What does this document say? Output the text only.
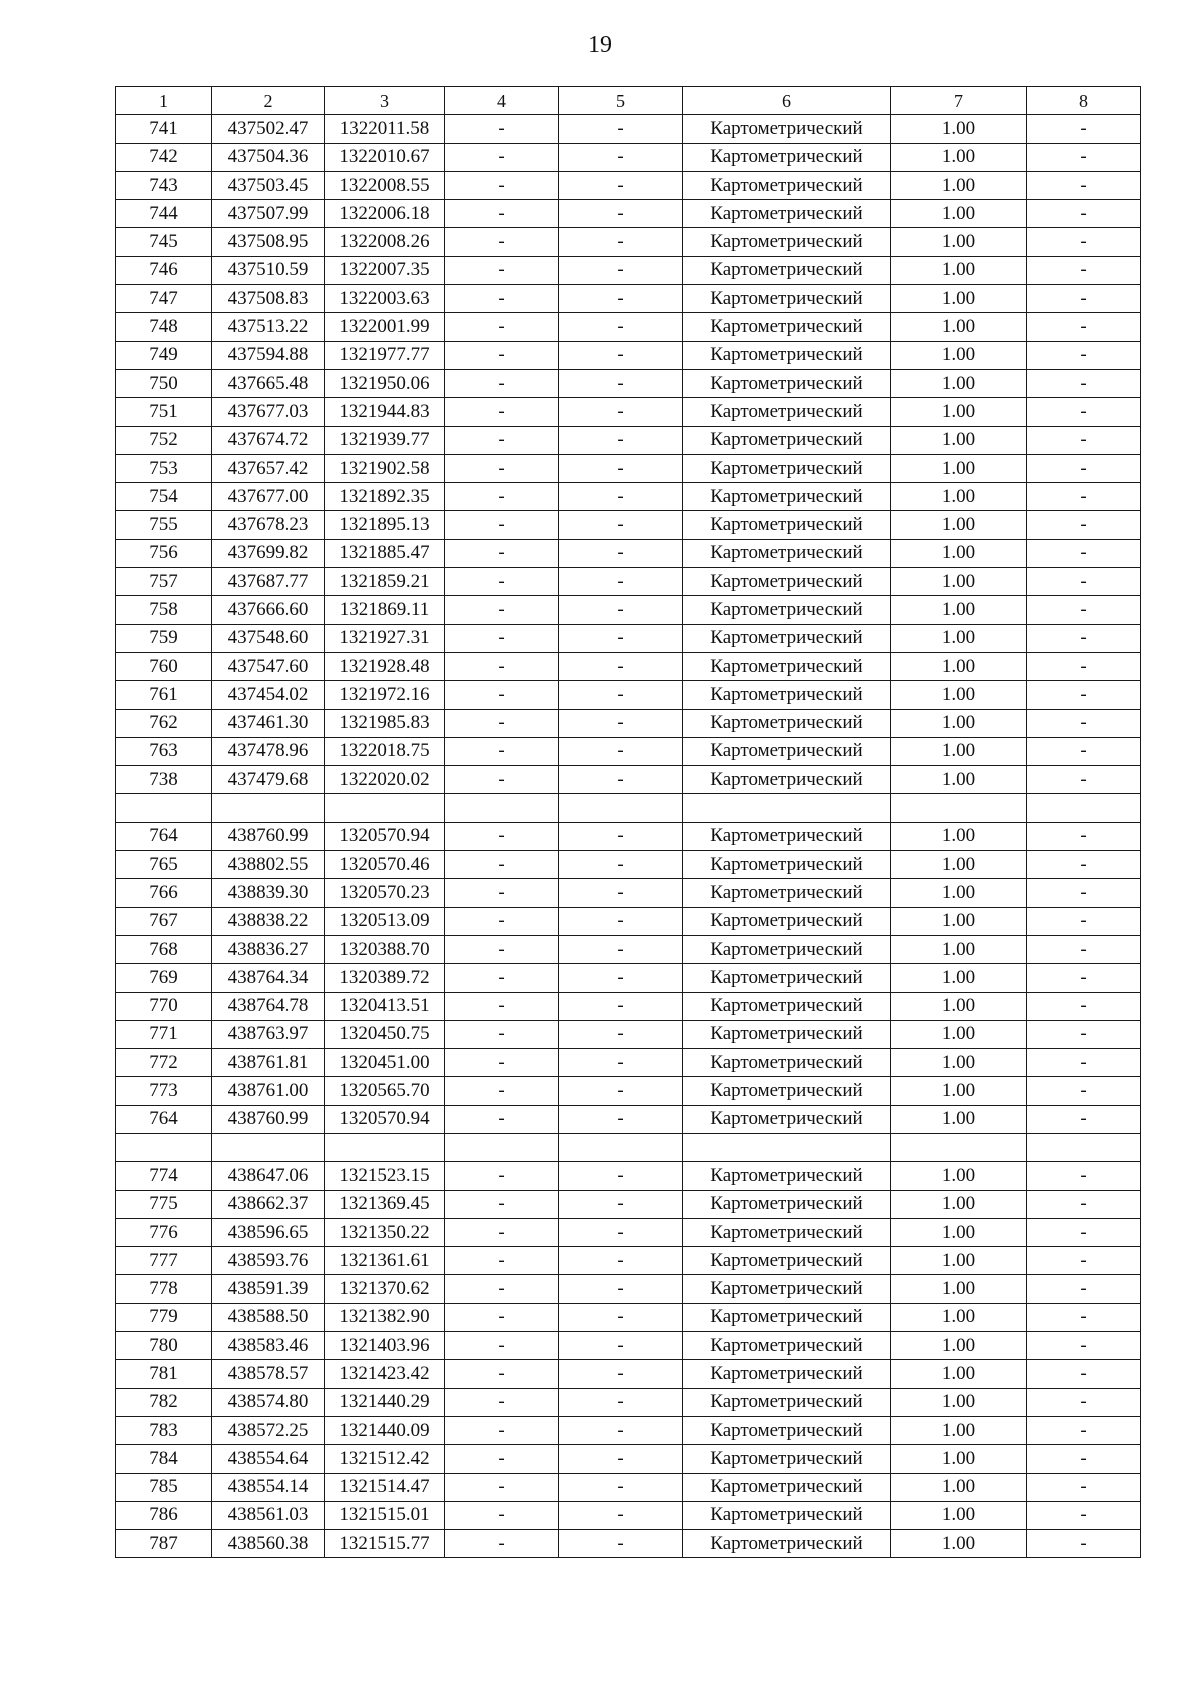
19
1	2	3	4	5	6	7	8
741	437502.47	1322011.58	-	-	Картометрический	1.00	-
742	437504.36	1322010.67	-	-	Картометрический	1.00	-
743	437503.45	1322008.55	-	-	Картометрический	1.00	-
744	437507.99	1322006.18	-	-	Картометрический	1.00	-
745	437508.95	1322008.26	-	-	Картометрический	1.00	-
746	437510.59	1322007.35	-	-	Картометрический	1.00	-
747	437508.83	1322003.63	-	-	Картометрический	1.00	-
748	437513.22	1322001.99	-	-	Картометрический	1.00	-
749	437594.88	1321977.77	-	-	Картометрический	1.00	-
750	437665.48	1321950.06	-	-	Картометрический	1.00	-
751	437677.03	1321944.83	-	-	Картометрический	1.00	-
752	437674.72	1321939.77	-	-	Картометрический	1.00	-
753	437657.42	1321902.58	-	-	Картометрический	1.00	-
754	437677.00	1321892.35	-	-	Картометрический	1.00	-
755	437678.23	1321895.13	-	-	Картометрический	1.00	-
756	437699.82	1321885.47	-	-	Картометрический	1.00	-
757	437687.77	1321859.21	-	-	Картометрический	1.00	-
758	437666.60	1321869.11	-	-	Картометрический	1.00	-
759	437548.60	1321927.31	-	-	Картометрический	1.00	-
760	437547.60	1321928.48	-	-	Картометрический	1.00	-
761	437454.02	1321972.16	-	-	Картометрический	1.00	-
762	437461.30	1321985.83	-	-	Картометрический	1.00	-
763	437478.96	1322018.75	-	-	Картометрический	1.00	-
738	437479.68	1322020.02	-	-	Картометрический	1.00	-

764	438760.99	1320570.94	-	-	Картометрический	1.00	-
765	438802.55	1320570.46	-	-	Картометрический	1.00	-
766	438839.30	1320570.23	-	-	Картометрический	1.00	-
767	438838.22	1320513.09	-	-	Картометрический	1.00	-
768	438836.27	1320388.70	-	-	Картометрический	1.00	-
769	438764.34	1320389.72	-	-	Картометрический	1.00	-
770	438764.78	1320413.51	-	-	Картометрический	1.00	-
771	438763.97	1320450.75	-	-	Картометрический	1.00	-
772	438761.81	1320451.00	-	-	Картометрический	1.00	-
773	438761.00	1320565.70	-	-	Картометрический	1.00	-
764	438760.99	1320570.94	-	-	Картометрический	1.00	-

774	438647.06	1321523.15	-	-	Картометрический	1.00	-
775	438662.37	1321369.45	-	-	Картометрический	1.00	-
776	438596.65	1321350.22	-	-	Картометрический	1.00	-
777	438593.76	1321361.61	-	-	Картометрический	1.00	-
778	438591.39	1321370.62	-	-	Картометрический	1.00	-
779	438588.50	1321382.90	-	-	Картометрический	1.00	-
780	438583.46	1321403.96	-	-	Картометрический	1.00	-
781	438578.57	1321423.42	-	-	Картометрический	1.00	-
782	438574.80	1321440.29	-	-	Картометрический	1.00	-
783	438572.25	1321440.09	-	-	Картометрический	1.00	-
784	438554.64	1321512.42	-	-	Картометрический	1.00	-
785	438554.14	1321514.47	-	-	Картометрический	1.00	-
786	438561.03	1321515.01	-	-	Картометрический	1.00	-
787	438560.38	1321515.77	-	-	Картометрический	1.00	-
